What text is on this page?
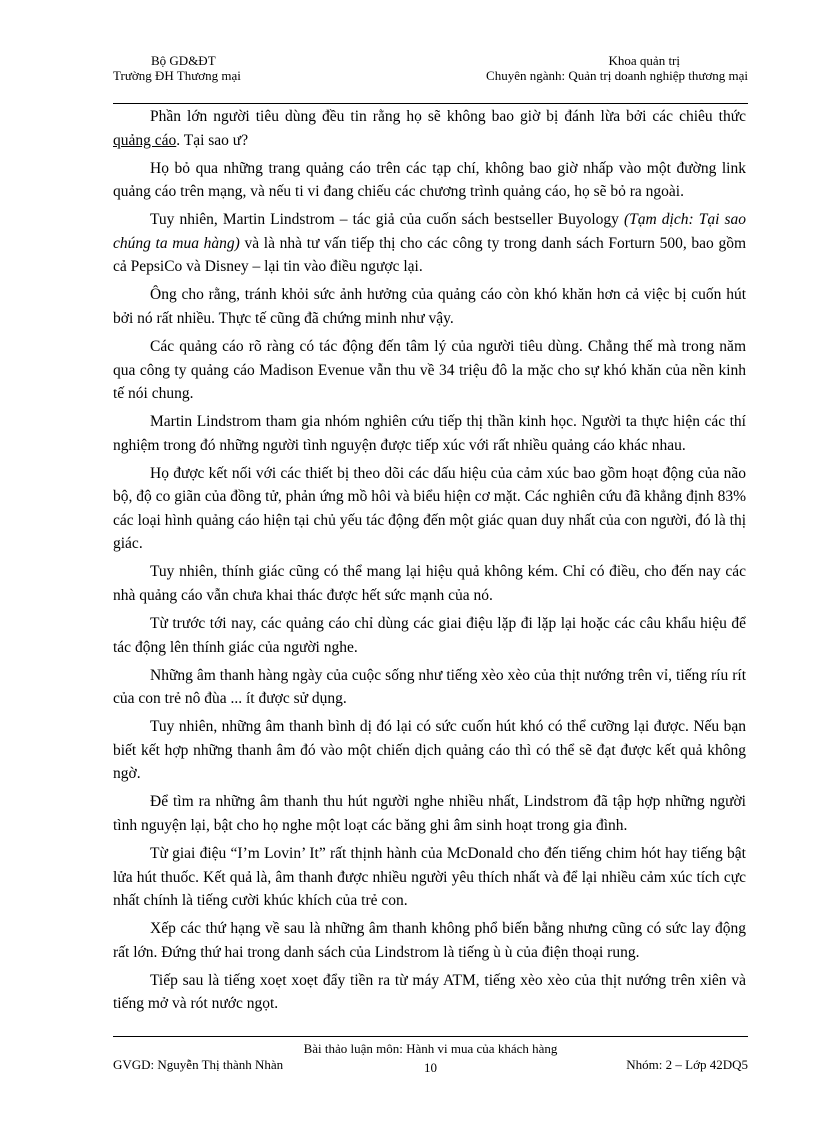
Bộ GD&ĐT
Trường ĐH Thương mại
Khoa quản trị
Chuyên ngành: Quản trị doanh nghiệp thương mại

Phần lớn người tiêu dùng đều tin rằng họ sẽ không bao giờ bị đánh lừa bởi các chiêu thức quảng cáo. Tại sao ư?

Họ bỏ qua những trang quảng cáo trên các tạp chí, không bao giờ nhấp vào một đường link quảng cáo trên mạng, và nếu ti vi đang chiếu các chương trình quảng cáo, họ sẽ bỏ ra ngoài.

Tuy nhiên, Martin Lindstrom – tác giả của cuốn sách bestseller Buyology (Tạm dịch: Tại sao chúng ta mua hàng) và là nhà tư vấn tiếp thị cho các công ty trong danh sách Forturn 500, bao gồm cả PepsiCo và Disney – lại tin vào điều ngược lại.

Ông cho rằng, tránh khỏi sức ảnh hưởng của quảng cáo còn khó khăn hơn cả việc bị cuốn hút bởi nó rất nhiều. Thực tế cũng đã chứng minh như vậy.

Các quảng cáo rõ ràng có tác động đến tâm lý của người tiêu dùng. Chẳng thế mà trong năm qua công ty quảng cáo Madison Evenue vẫn thu về 34 triệu đô la mặc cho sự khó khăn của nền kinh tế nói chung.

Martin Lindstrom tham gia nhóm nghiên cứu tiếp thị thần kinh học. Người ta thực hiện các thí nghiệm trong đó những người tình nguyện được tiếp xúc với rất nhiều quảng cáo khác nhau.

Họ được kết nối với các thiết bị theo dõi các dấu hiệu của cảm xúc bao gồm hoạt động của não bộ, độ co giãn của đồng tử, phản ứng mồ hôi và biểu hiện cơ mặt. Các nghiên cứu đã khẳng định 83% các loại hình quảng cáo hiện tại chủ yếu tác động đến một giác quan duy nhất của con người, đó là thị giác.

Tuy nhiên, thính giác cũng có thể mang lại hiệu quả không kém. Chỉ có điều, cho đến nay các nhà quảng cáo vẫn chưa khai thác được hết sức mạnh của nó.

Từ trước tới nay, các quảng cáo chỉ dùng các giai điệu lặp đi lặp lại hoặc các câu khẩu hiệu để tác động lên thính giác của người nghe.

Những âm thanh hàng ngày của cuộc sống như tiếng xèo xèo của thịt nướng trên vỉ, tiếng ríu rít của con trẻ nô đùa ... ít được sử dụng.

Tuy nhiên, những âm thanh bình dị đó lại có sức cuốn hút khó có thể cưỡng lại được. Nếu bạn biết kết hợp những thanh âm đó vào một chiến dịch quảng cáo thì có thể sẽ đạt được kết quả không ngờ.

Để tìm ra những âm thanh thu hút người nghe nhiều nhất, Lindstrom đã tập hợp những người tình nguyện lại, bật cho họ nghe một loạt các băng ghi âm sinh hoạt trong gia đình.

Từ giai điệu “I’m Lovin’ It” rất thịnh hành của McDonald cho đến tiếng chim hót hay tiếng bật lửa hút thuốc. Kết quả là, âm thanh được nhiều người yêu thích nhất và để lại nhiều cảm xúc tích cực nhất chính là tiếng cười khúc khích của trẻ con.

Xếp các thứ hạng về sau là những âm thanh không phổ biến bằng nhưng cũng có sức lay động rất lớn. Đứng thứ hai trong danh sách của Lindstrom là tiếng ù ù của điện thoại rung.

Tiếp sau là tiếng xoẹt xoẹt đẩy tiền ra từ máy ATM, tiếng xèo xèo của thịt nướng trên xiên và tiếng mở và rót nước ngọt.

Bài thảo luận môn: Hành vi mua của khách hàng
GVGD: Nguyễn Thị thành Nhàn	10	Nhóm: 2 – Lớp 42DQ5
